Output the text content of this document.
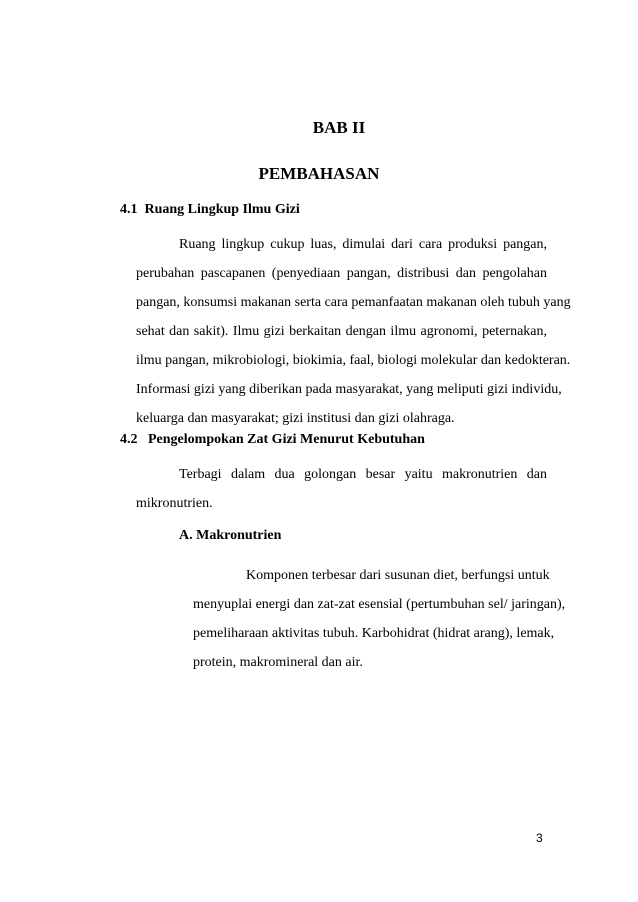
BAB II
PEMBAHASAN
4.1  Ruang Lingkup Ilmu Gizi
Ruang lingkup cukup luas, dimulai dari cara produksi pangan,
perubahan pascapanen (penyediaan pangan, distribusi dan pengolahan
pangan, konsumsi makanan serta cara pemanfaatan makanan oleh tubuh yang
sehat dan sakit). Ilmu gizi berkaitan dengan ilmu agronomi, peternakan,
ilmu pangan, mikrobiologi, biokimia, faal, biologi molekular dan kedokteran.
Informasi gizi yang diberikan pada masyarakat, yang meliputi gizi individu,
keluarga dan masyarakat; gizi institusi dan gizi olahraga.
4.2   Pengelompokan Zat Gizi Menurut Kebutuhan
Terbagi dalam dua golongan besar yaitu makronutrien dan
mikronutrien.
A. Makronutrien
Komponen terbesar dari susunan diet, berfungsi untuk
menyuplai energi dan zat-zat esensial (pertumbuhan sel/ jaringan),
pemeliharaan aktivitas tubuh. Karbohidrat (hidrat arang), lemak,
protein, makromineral dan air.

3
